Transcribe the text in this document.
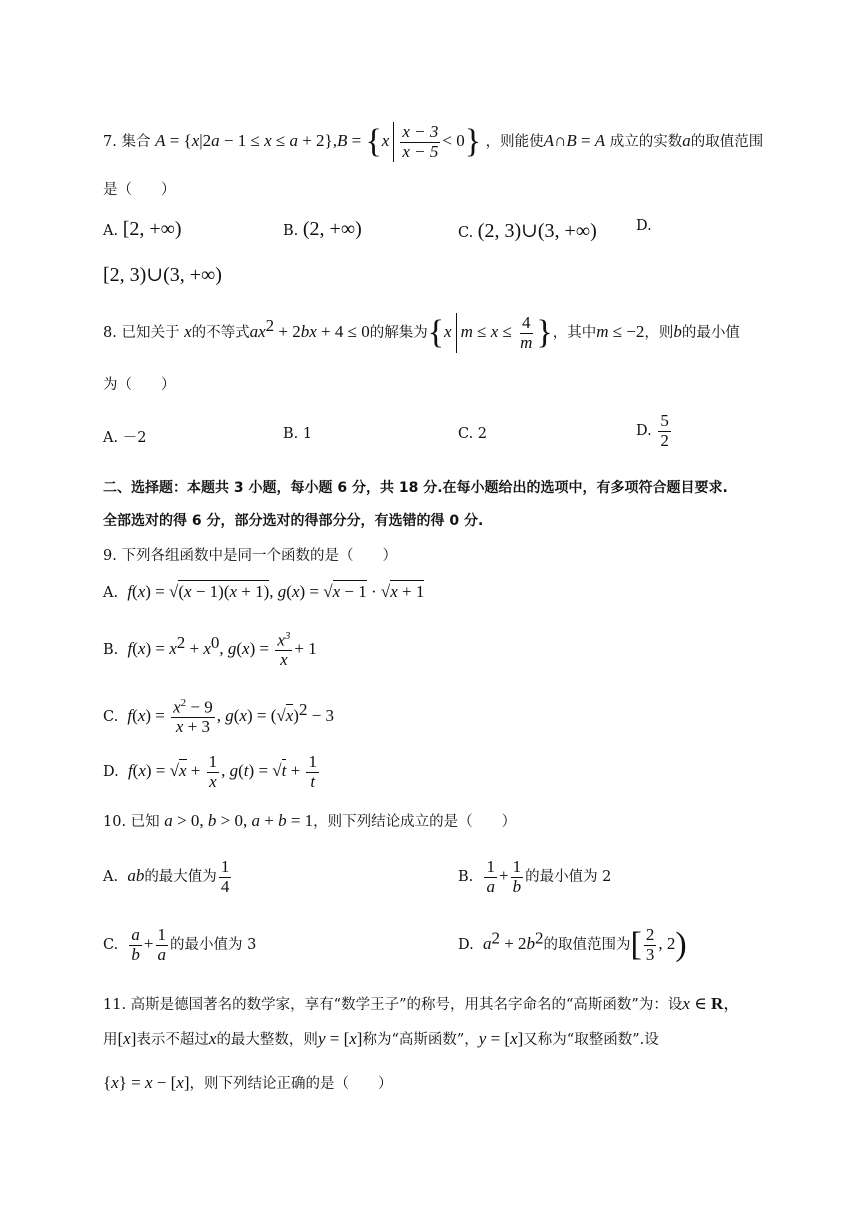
7. 集合 $A = \{x|2a - 1 \le x \le a + 2\},B = \{x \frac{x - 3}{x - 5} < 0\}$ ，则能使A∩B = A 成立的实数a的取值范围
是（　　）
A. [2, +∞)	B. (2, +∞)	C. (2, 3)∪(3, +∞)	D.
[2, 3)∪(3, +∞)
8. 已知关于 x的不等式$ax^2 + 2bx + 4 \le 0$的解集为{x $m \le x \le \frac{4}{m}$ }，其中m ≤ −2，则b的最小值
为（　　）
A. －2	B. 1	C. 2	D. $\frac{5}{2}$
二、选择题：本题共 3 小题，每小题 6 分，共 18 分.在每小题给出的选项中，有多项符合题目要求.
全部选对的得 6 分，部分选对的得部分分，有选错的得 0 分.
9. 下列各组函数中是同一个函数的是（　　）
A. f(x) = √(x − 1)(x + 1), g(x) = √x − 1 · √x + 1
B. $f(x) = x^2 + x^0$, $g(x) = \frac{x^3}{x} + 1$
C. $f(x) = \frac{x^2 - 9}{x + 3}$ , $g(x) = (√x)^2 - 3$
D. $f(x) = √x + \frac{1}{x}$ , $g(t) = √t + \frac{1}{t}$
10. 已知 a > 0, b > 0, a + b = 1，则下列结论成立的是（　　）
A. ab的最大值为 $\frac{1}{4}$	B. $\frac{1}{a} + \frac{1}{b}$ 的最小值为 2
C. $\frac{a}{b} + \frac{1}{a}$ 的最小值为 3	D. $a^2 + 2b^2$的取值范围为[ $\frac{2}{3}$ , 2)
11. 高斯是德国著名的数学家，享有“数学王子”的称号，用其名字命名的“高斯函数”为：设x ∈ R，
用[x]表示不超过x的最大整数，则y = [x]称为“高斯函数”，y = [x]又称为“取整函数”.设
{x} = x − [x]，则下列结论正确的是（　　）
